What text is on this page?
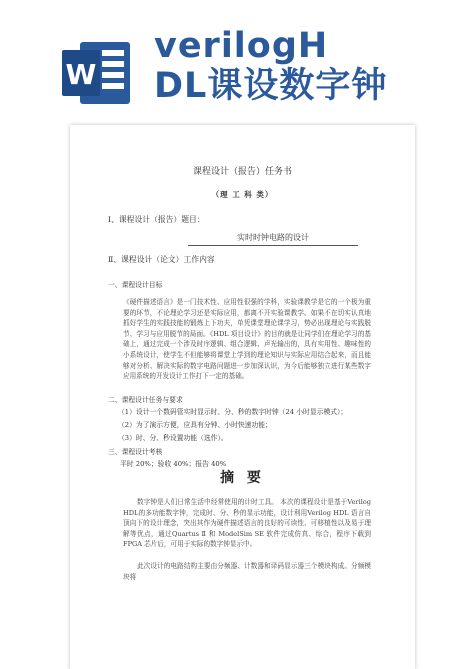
W
verilogH
DL课设数字钟
课程设计（报告）任务书
（理 工 科 类）
Ⅰ、课程设计（报告）题目：
实时时钟电路的设计
Ⅱ、课程设计（论文）工作内容
一、课程设计目标
《硬件描述语言》是一门技术性、应用性很强的学科，实验课教学是它的一个极为重要的环节，不论理论学习还是实际应用，都离不开实验课教学。如果不在切实认真地抓好学生的实践技能的锻炼上下功夫，单凭课堂理论课学习，势必出现理论与实践脱节、学习与应用脱节的局面。《HDL 项目设计》的目的就是让同学们在理论学习的基础上，通过完成一个涉及时序逻辑、组合逻辑、声光输出的，具有实用性、趣味性的小系统设计，使学生不但能够将课堂上学到的理论知识与实际应用结合起来，而且能够对分析、解决实际的数字电路问题进一步加深认识，为今后能够独立进行某些数字应用系统的开发设计工作打下一定的基础。
二、课程设计任务与要求
（1）设计一个数码管实时显示时、分、秒的数字时钟（24 小时显示模式）；
（2）为了演示方便，应具有分钟、小时快速功能；
（3）时、分、秒设置功能（选作）。
三、课程设计考核
平时 20%；验收 40%；报告 40%
摘 要
数字钟是人们日常生活中经常使用的计时工具。 本次的课程设计是基于Verilog HDL的多功能数字钟，完成时、分、秒的显示功能，设计利用Verilog HDL 语言自顶向下的设计理念，突出其作为硬件描述语言的良好的可读性、可移植性以及易于理解等优点，通过Quartus Ⅱ 和 ModelSim SE 软件完成仿真、综合，程序下载到 FPGA 芯片后，可用于实际的数字钟显示中。
此次设计的电路结构主要由分频器、计数器和译码显示器三个模块构成。分频模块将
